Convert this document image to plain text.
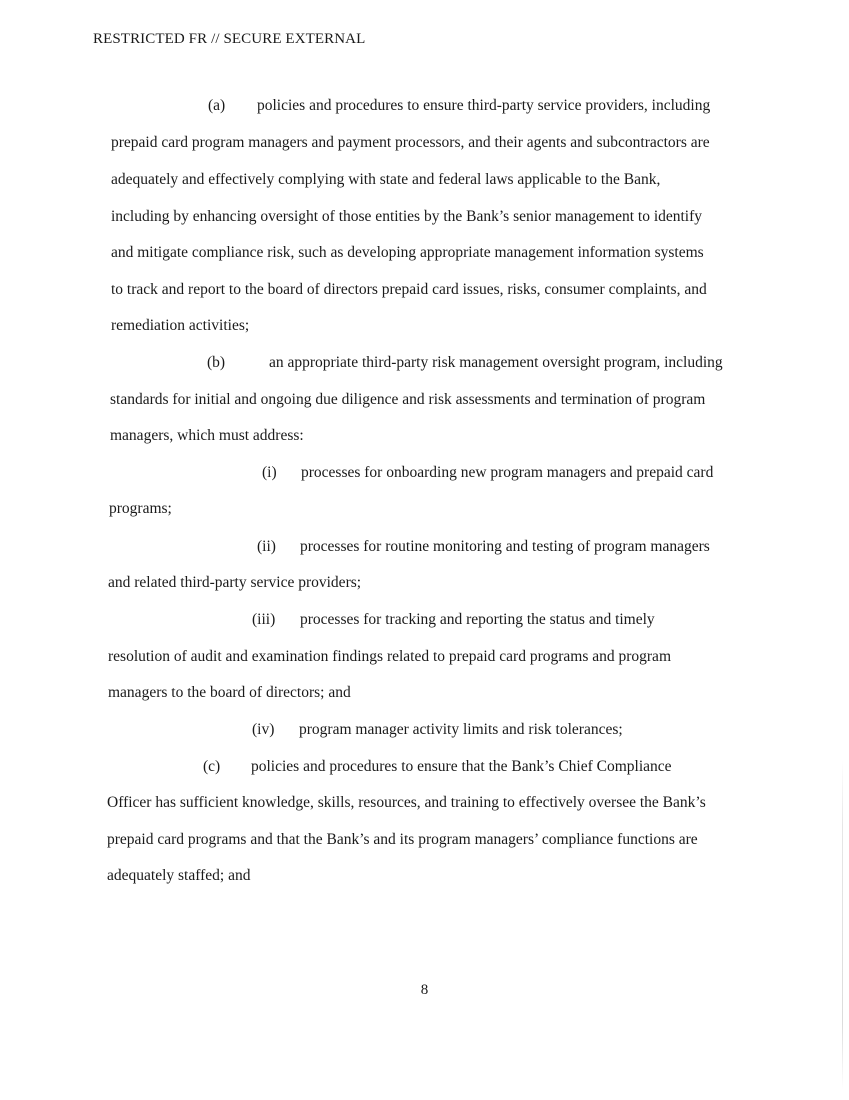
RESTRICTED FR // SECURE EXTERNAL
(a) policies and procedures to ensure third-party service providers, including
prepaid card program managers and payment processors, and their agents and subcontractors are
adequately and effectively complying with state and federal laws applicable to the Bank,
including by enhancing oversight of those entities by the Bank’s senior management to identify
and mitigate compliance risk, such as developing appropriate management information systems
to track and report to the board of directors prepaid card issues, risks, consumer complaints, and
remediation activities;
(b)	an appropriate third-party risk management oversight program, including
standards for initial and ongoing due diligence and risk assessments and termination of program
managers, which must address:
(i) processes for onboarding new program managers and prepaid card
programs;
(ii) processes for routine monitoring and testing of program managers
and related third-party service providers;
(iii) processes for tracking and reporting the status and timely
resolution of audit and examination findings related to prepaid card programs and program
managers to the board of directors; and
(iv) program manager activity limits and risk tolerances;
(c) policies and procedures to ensure that the Bank’s Chief Compliance
Officer has sufficient knowledge, skills, resources, and training to effectively oversee the Bank’s
prepaid card programs and that the Bank’s and its program managers’ compliance functions are
adequately staffed; and
8
